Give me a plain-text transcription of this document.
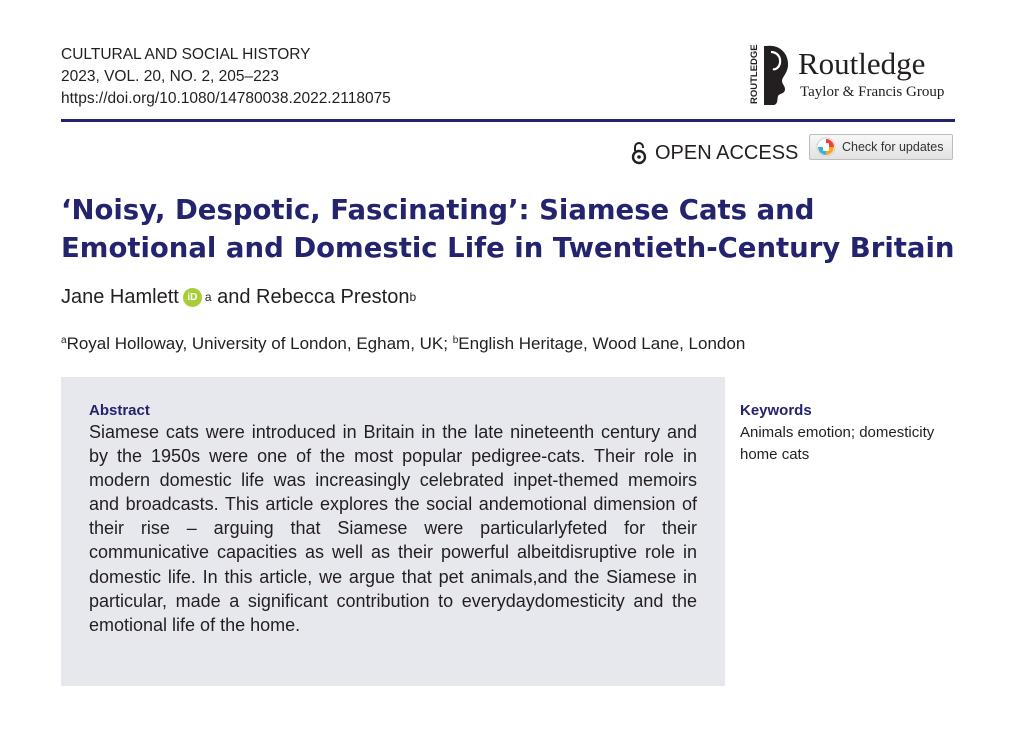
CULTURAL AND SOCIAL HISTORY
2023, VOL. 20, NO. 2, 205–223
https://doi.org/10.1080/14780038.2022.2118075	ROUTLEDGE Routledge
Taylor & Francis Group
OPEN ACCESS	Check for updates
‘Noisy, Despotic, Fascinating’: Siamese Cats and Emotional and Domestic Life in Twentieth-Century Britain
Jane Hamlett iD a
and
Rebecca Preston b
$^a$Royal Holloway, University of London, Egham, UK; $^b$English Heritage, Wood Lane, London
Abstract

Siamese cats were introduced in Britain in the late nineteenth century and by the 1950s were one of the most popular pedigree-cats. Their role in modern domestic life was increasingly celebrated inpet-themed memoirs and broadcasts. This article explores the social andemotional dimension of their rise – arguing that Siamese were particularlyfeted for their communicative capacities as well as their powerful albeitdisruptive role in domestic life. In this article, we argue that pet animals,and the Siamese in particular, made a significant contribution to everydaydomesticity and the emotional life of the home.

Keywords

Animals emotion; domesticity home cats
